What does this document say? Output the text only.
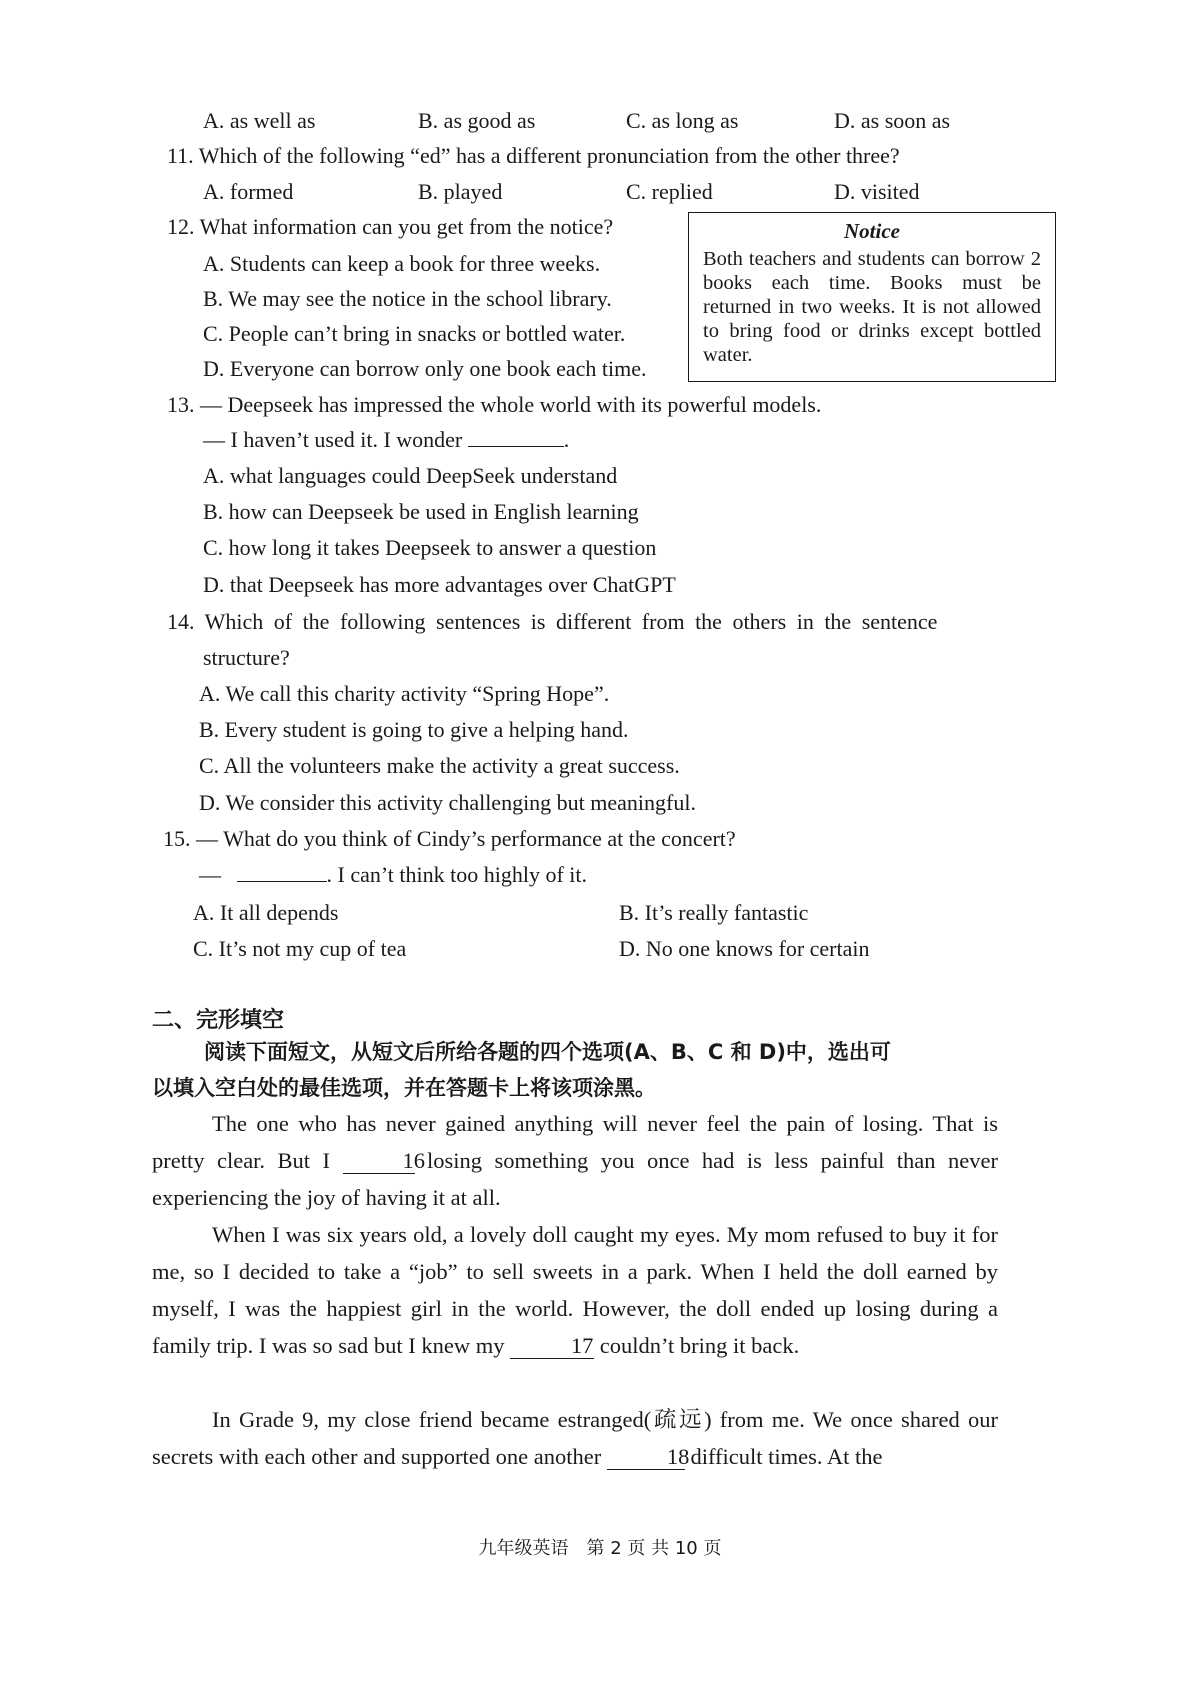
A. as well as	B. as good as	C. as long as	D. as soon as
11. Which of the following “ed” has a different pronunciation from the other three?
A. formed	B. played	C. replied	D. visited
12. What information can you get from the notice?
A. Students can keep a book for three weeks.
B. We may see the notice in the school library.
C. People can’t bring in snacks or bottled water.
D. Everyone can borrow only one book each time.
Notice
Both teachers and students can borrow 2 books each time. Books must be returned in two weeks. It is not allowed to bring food or drinks except bottled water.
13. — Deepseek has impressed the whole world with its powerful models.
— I haven’t used it. I wonder	.
A. what languages could DeepSeek understand
B. how can Deepseek be used in English learning
C. how long it takes Deepseek to answer a question
D. that Deepseek has more advantages over ChatGPT
14. Which of the following sentences is different from the others in the sentence
structure?
A. We call this charity activity “Spring Hope”.
B. Every student is going to give a helping hand.
C. All the volunteers make the activity a great success.
D. We consider this activity challenging but meaningful.
15. — What do you think of Cindy’s performance at the concert?
—	. I can’t think too highly of it.
A. It all depends	B. It’s really fantastic
C. It’s not my cup of tea	D. No one knows for certain
二、完形填空
阅读下面短文，从短文后所给各题的四个选项(A、B、C 和 D)中，选出可
以填入空白处的最佳选项，并在答题卡上将该项涂黑。
The one who has never gained anything will never feel the pain of losing. That is pretty clear. But I	16 losing something you once had is less painful than never experiencing the joy of having it at all.
When I was six years old, a lovely doll caught my eyes. My mom refused to buy it for me, so I decided to take a “job” to sell sweets in a park. When I held the doll earned by myself, I was the happiest girl in the world. However, the doll ended up losing during a family trip. I was so sad but I knew my	17 couldn’t bring it back.
In Grade 9, my close friend became estranged(疏远) from me. We once shared our secrets with each other and supported one another	18 difficult times. At the
九年级英语　第 2 页 共 10 页
